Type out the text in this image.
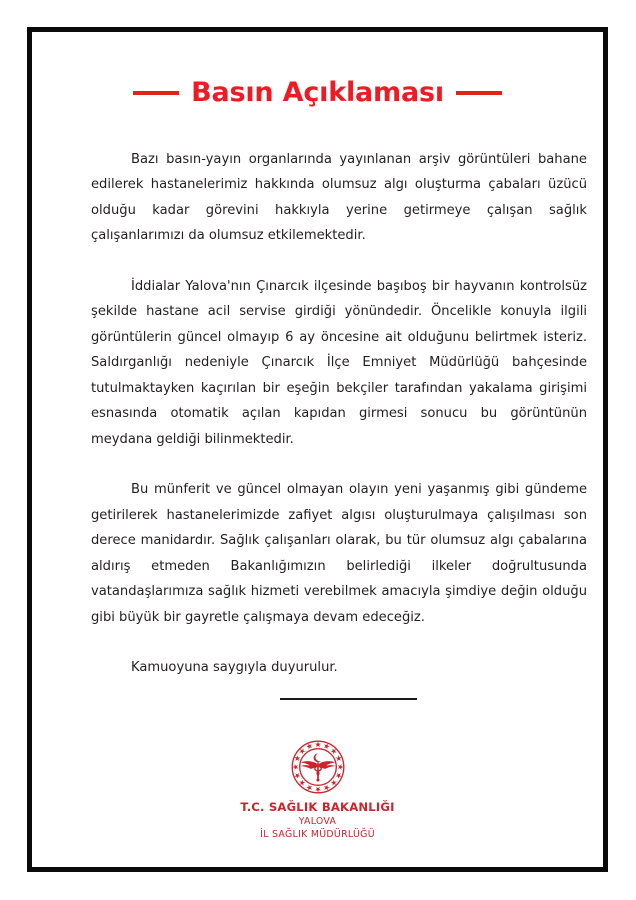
Basın Açıklaması

Bazı basın-yayın organlarında yayınlanan arşiv görüntüleri bahane edilerek hastanelerimiz hakkında olumsuz algı oluşturma çabaları üzücü olduğu kadar görevini hakkıyla yerine getirmeye çalışan sağlık çalışanlarımızı da olumsuz etkilemektedir.

İddialar Yalova'nın Çınarcık ilçesinde başıboş bir hayvanın kontrolsüz şekilde hastane acil servise girdiği yönündedir. Öncelikle konuyla ilgili görüntülerin güncel olmayıp 6 ay öncesine ait olduğunu belirtmek isteriz. Saldırganlığı nedeniyle Çınarcık İlçe Emniyet Müdürlüğü bahçesinde tutulmaktayken kaçırılan bir eşeğin bekçiler tarafından yakalama girişimi esnasında otomatik açılan kapıdan girmesi sonucu bu görüntünün meydana geldiği bilinmektedir.

Bu münferit ve güncel olmayan olayın yeni yaşanmış gibi gündeme getirilerek hastanelerimizde zafiyet algısı oluşturulmaya çalışılması son derece manidardır. Sağlık çalışanları olarak, bu tür olumsuz algı çabalarına aldırış etmeden Bakanlığımızın belirlediği ilkeler doğrultusunda vatandaşlarımıza sağlık hizmeti verebilmek amacıyla şimdiye değin olduğu gibi büyük bir gayretle çalışmaya devam edeceğiz.

Kamuoyuna saygıyla duyurulur.

T.C. SAĞLIK BAKANLIĞI
YALOVA
İL SAĞLIK MÜDÜRLÜĞÜ
